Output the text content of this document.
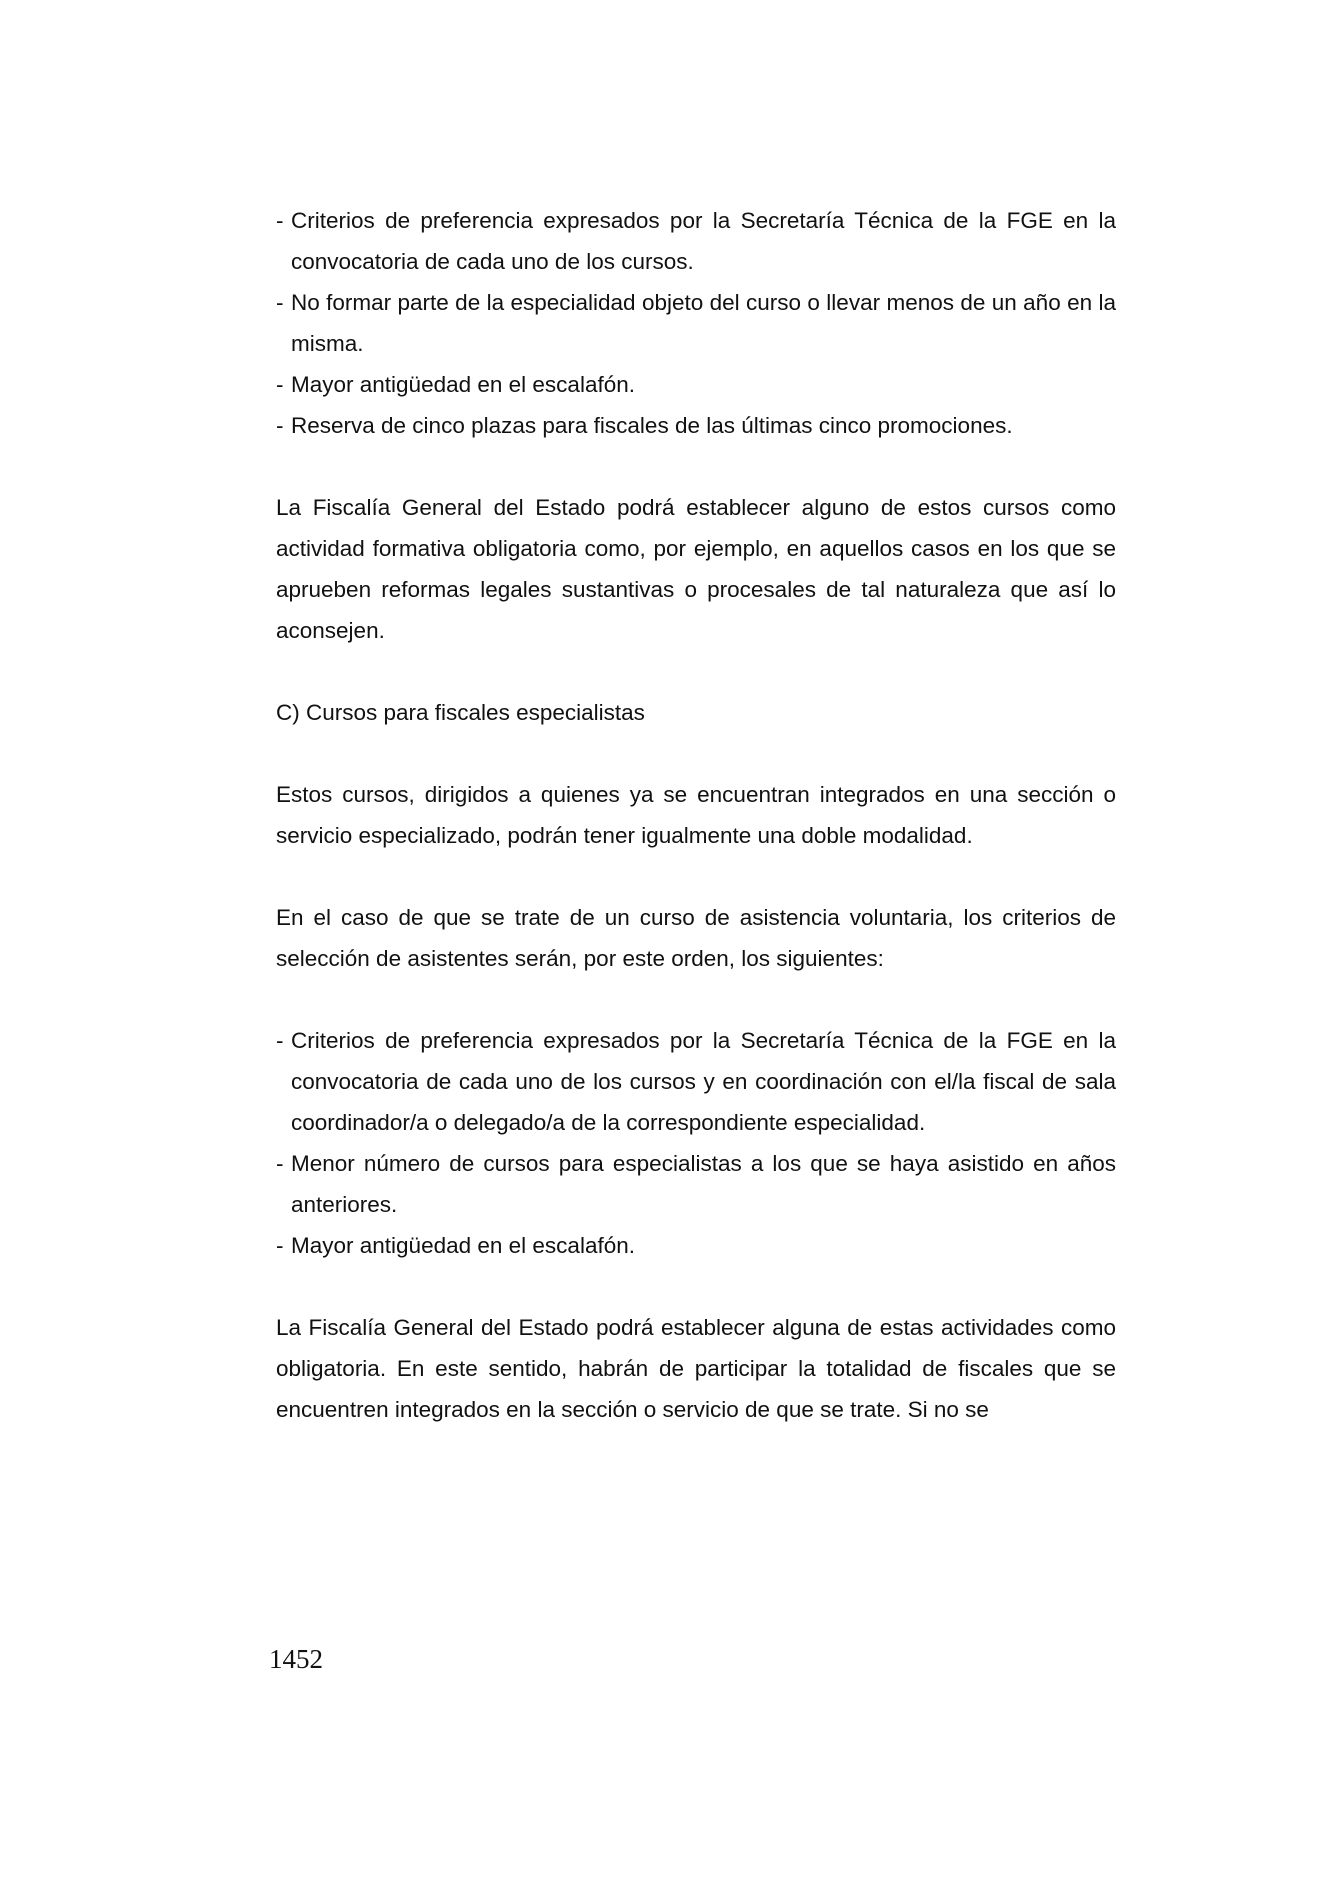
- Criterios de preferencia expresados por la Secretaría Técnica de la FGE en la convocatoria de cada uno de los cursos.
- No formar parte de la especialidad objeto del curso o llevar menos de un año en la misma.
- Mayor antigüedad en el escalafón.
- Reserva de cinco plazas para fiscales de las últimas cinco promociones.

La Fiscalía General del Estado podrá establecer alguno de estos cursos como actividad formativa obligatoria como, por ejemplo, en aquellos casos en los que se aprueben reformas legales sustantivas o procesales de tal naturaleza que así lo aconsejen.

C) Cursos para fiscales especialistas

Estos cursos, dirigidos a quienes ya se encuentran integrados en una sección o servicio especializado, podrán tener igualmente una doble modalidad.

En el caso de que se trate de un curso de asistencia voluntaria, los criterios de selección de asistentes serán, por este orden, los siguientes:

- Criterios de preferencia expresados por la Secretaría Técnica de la FGE en la convocatoria de cada uno de los cursos y en coordinación con el/la fiscal de sala coordinador/a o delegado/a de la correspondiente especialidad.
- Menor número de cursos para especialistas a los que se haya asistido en años anteriores.
- Mayor antigüedad en el escalafón.

La Fiscalía General del Estado podrá establecer alguna de estas actividades como obligatoria. En este sentido, habrán de participar la totalidad de fiscales que se encuentren integrados en la sección o servicio de que se trate. Si no se

1452
